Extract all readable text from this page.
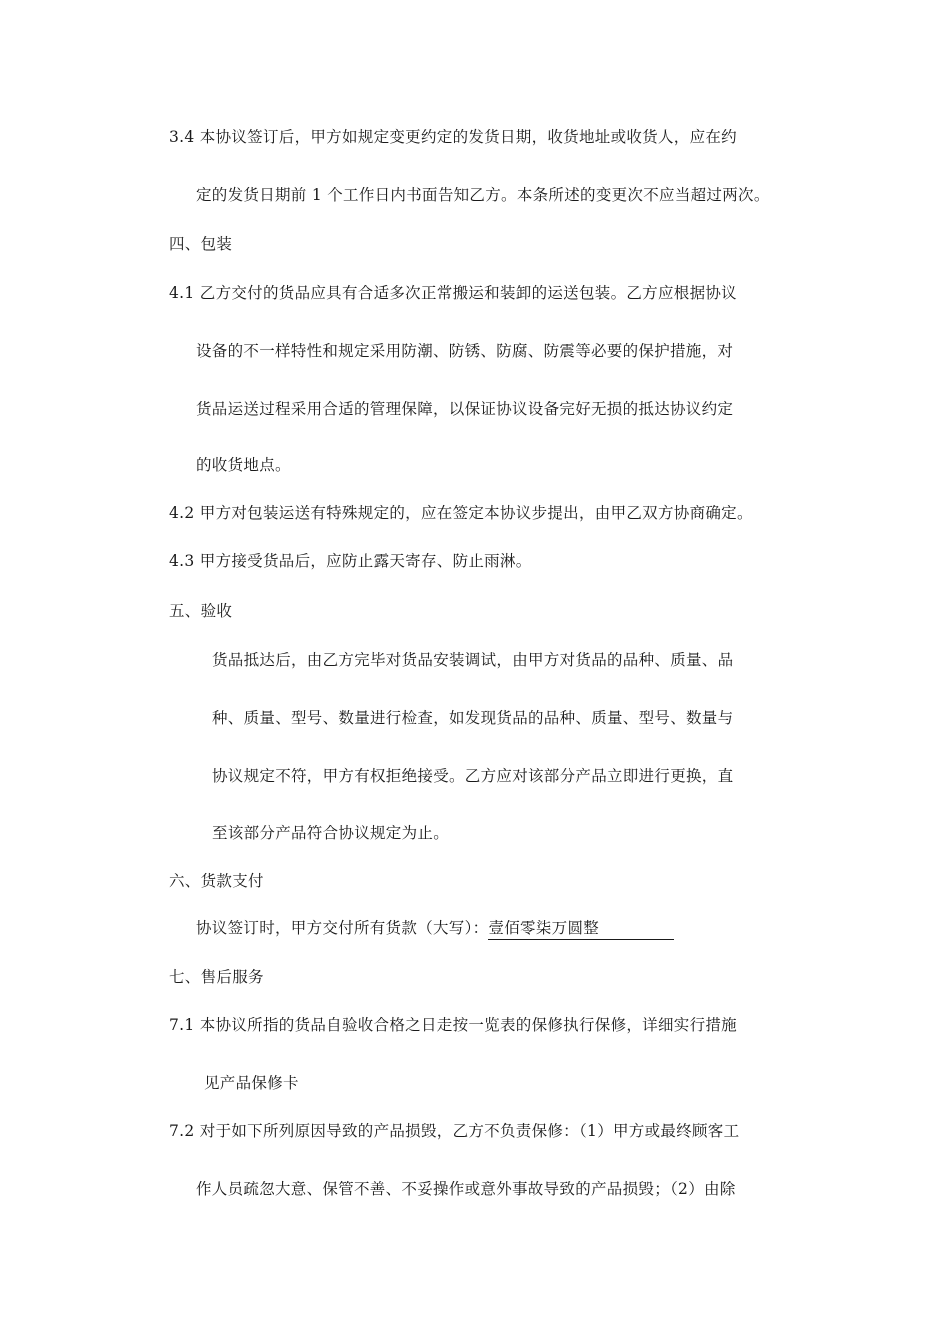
3.4 本协议签订后，甲方如规定变更约定的发货日期，收货地址或收货人，应在约
定的发货日期前 1 个工作日内书面告知乙方。本条所述的变更次不应当超过两次。
四、包装
4.1 乙方交付的货品应具有合适多次正常搬运和装卸的运送包装。乙方应根据协议
设备的不一样特性和规定采用防潮、防锈、防腐、防震等必要的保护措施，对
货品运送过程采用合适的管理保障，以保证协议设备完好无损的抵达协议约定
的收货地点。
4.2 甲方对包装运送有特殊规定的，应在签定本协议步提出，由甲乙双方协商确定。
4.3 甲方接受货品后，应防止露天寄存、防止雨淋。
五、验收
货品抵达后，由乙方完毕对货品安装调试，由甲方对货品的品种、质量、品
种、质量、型号、数量进行检查，如发现货品的品种、质量、型号、数量与
协议规定不符，甲方有权拒绝接受。乙方应对该部分产品立即进行更换，直
至该部分产品符合协议规定为止。
六、货款支付
协议签订时，甲方交付所有货款（大写）：壹佰零柒万圆整
七、售后服务
7.1 本协议所指的货品自验收合格之日走按一览表的保修执行保修，详细实行措施
见产品保修卡
7.2 对于如下所列原因导致的产品损毁，乙方不负责保修：（1）甲方或最终顾客工
作人员疏忽大意、保管不善、不妥操作或意外事故导致的产品损毁；（2）由除
